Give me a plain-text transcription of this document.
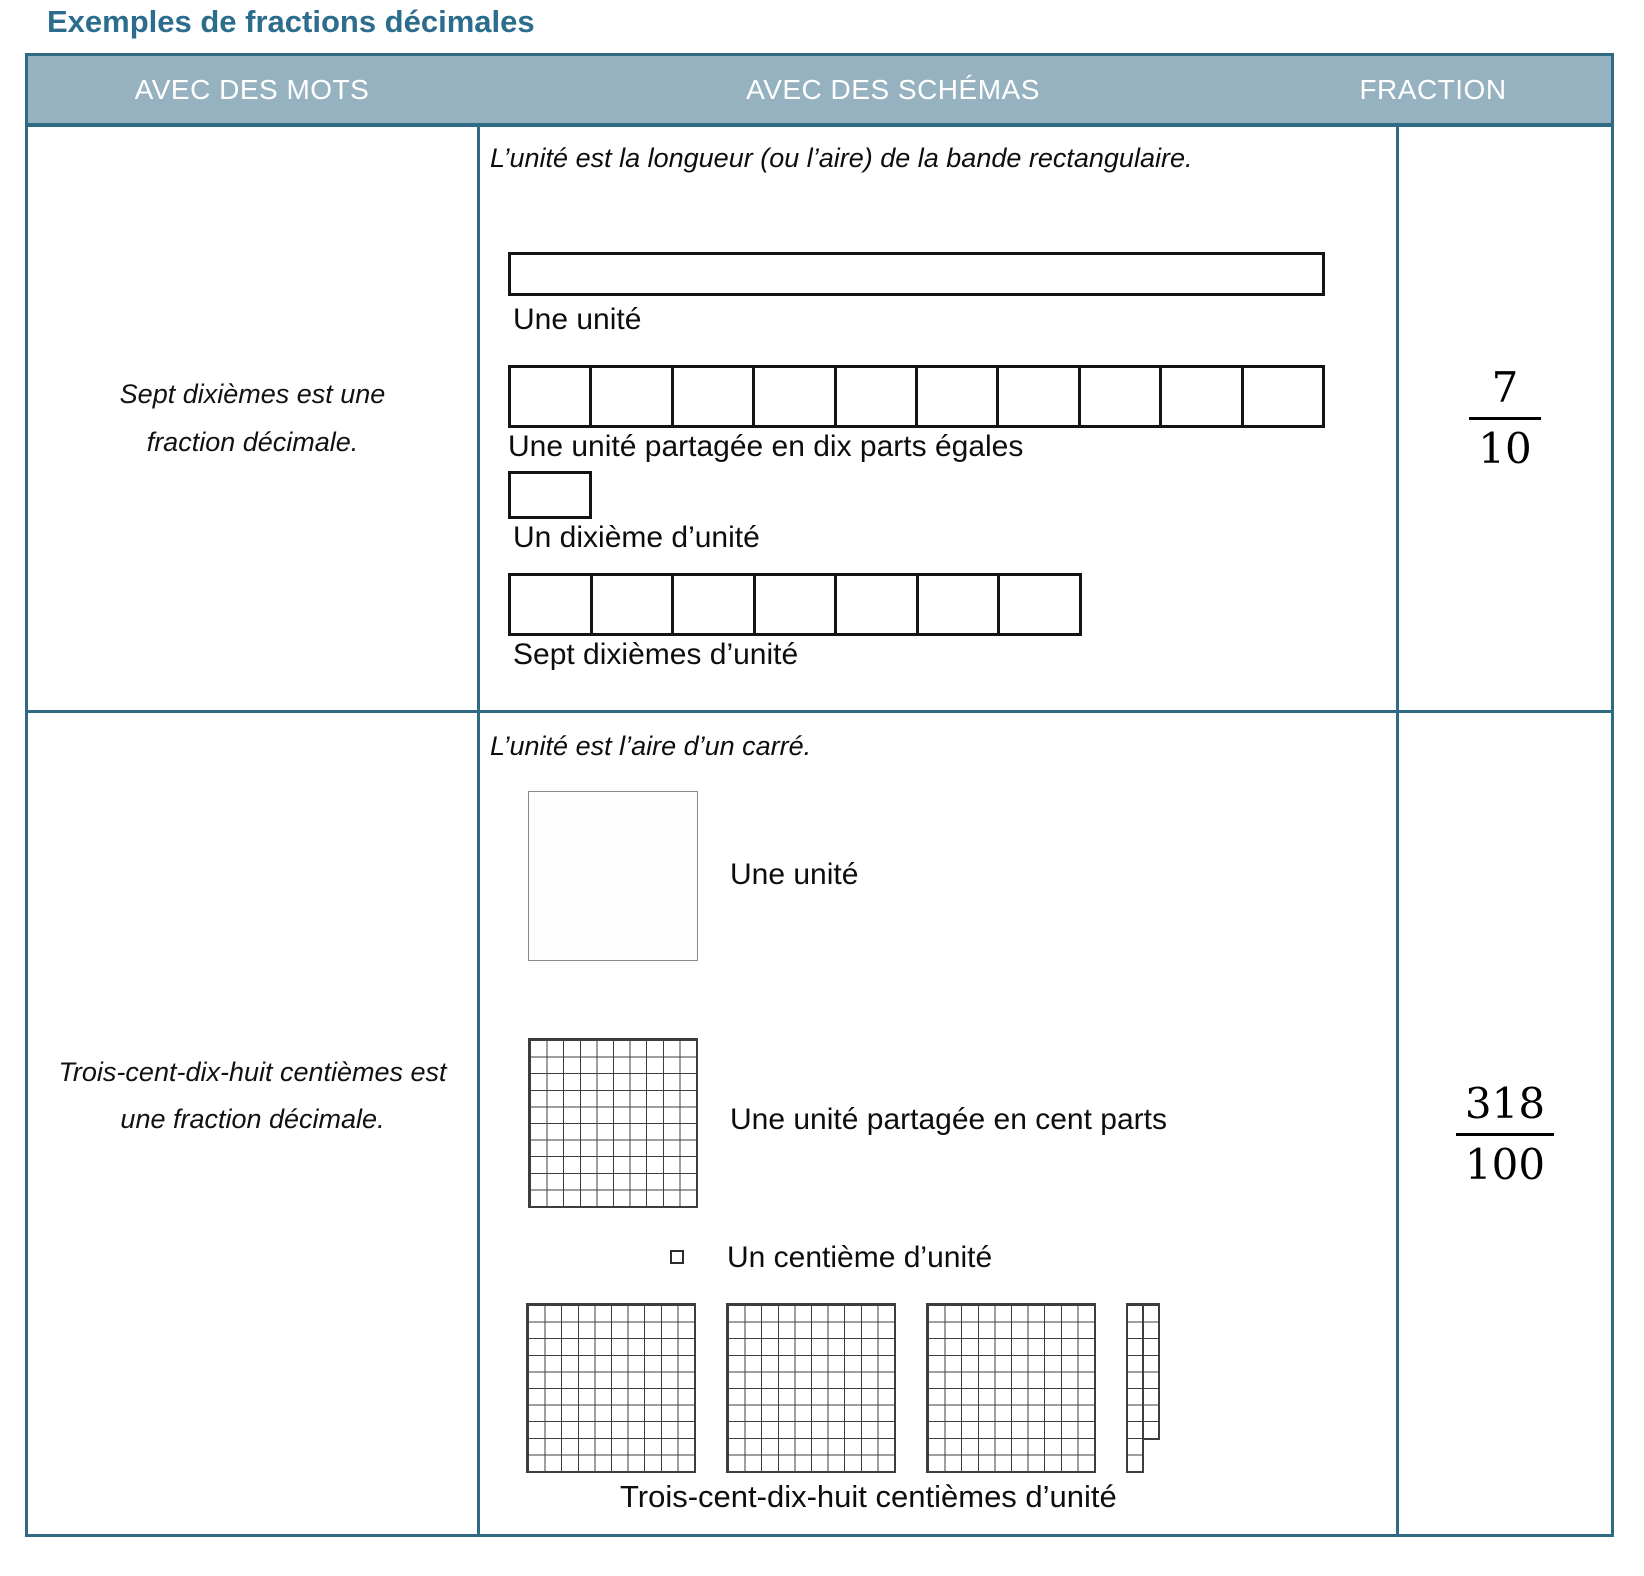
Exemples de fractions décimales
AVEC DES MOTS	AVEC DES SCHÉMAS	FRACTION
Sept dixièmes est une fraction décimale.
L’unité est la longueur (ou l’aire) de la bande rectangulaire.
Une unité
Une unité partagée en dix parts égales
Un dixième d’unité
Sept dixièmes d’unité
$\frac{7}{10}$
Trois-cent-dix-huit centièmes est une fraction décimale.
L’unité est l’aire d’un carré.
Une unité
Une unité partagée en cent parts
Un centième d’unité
Trois-cent-dix-huit centièmes d’unité
$\frac{318}{100}$
